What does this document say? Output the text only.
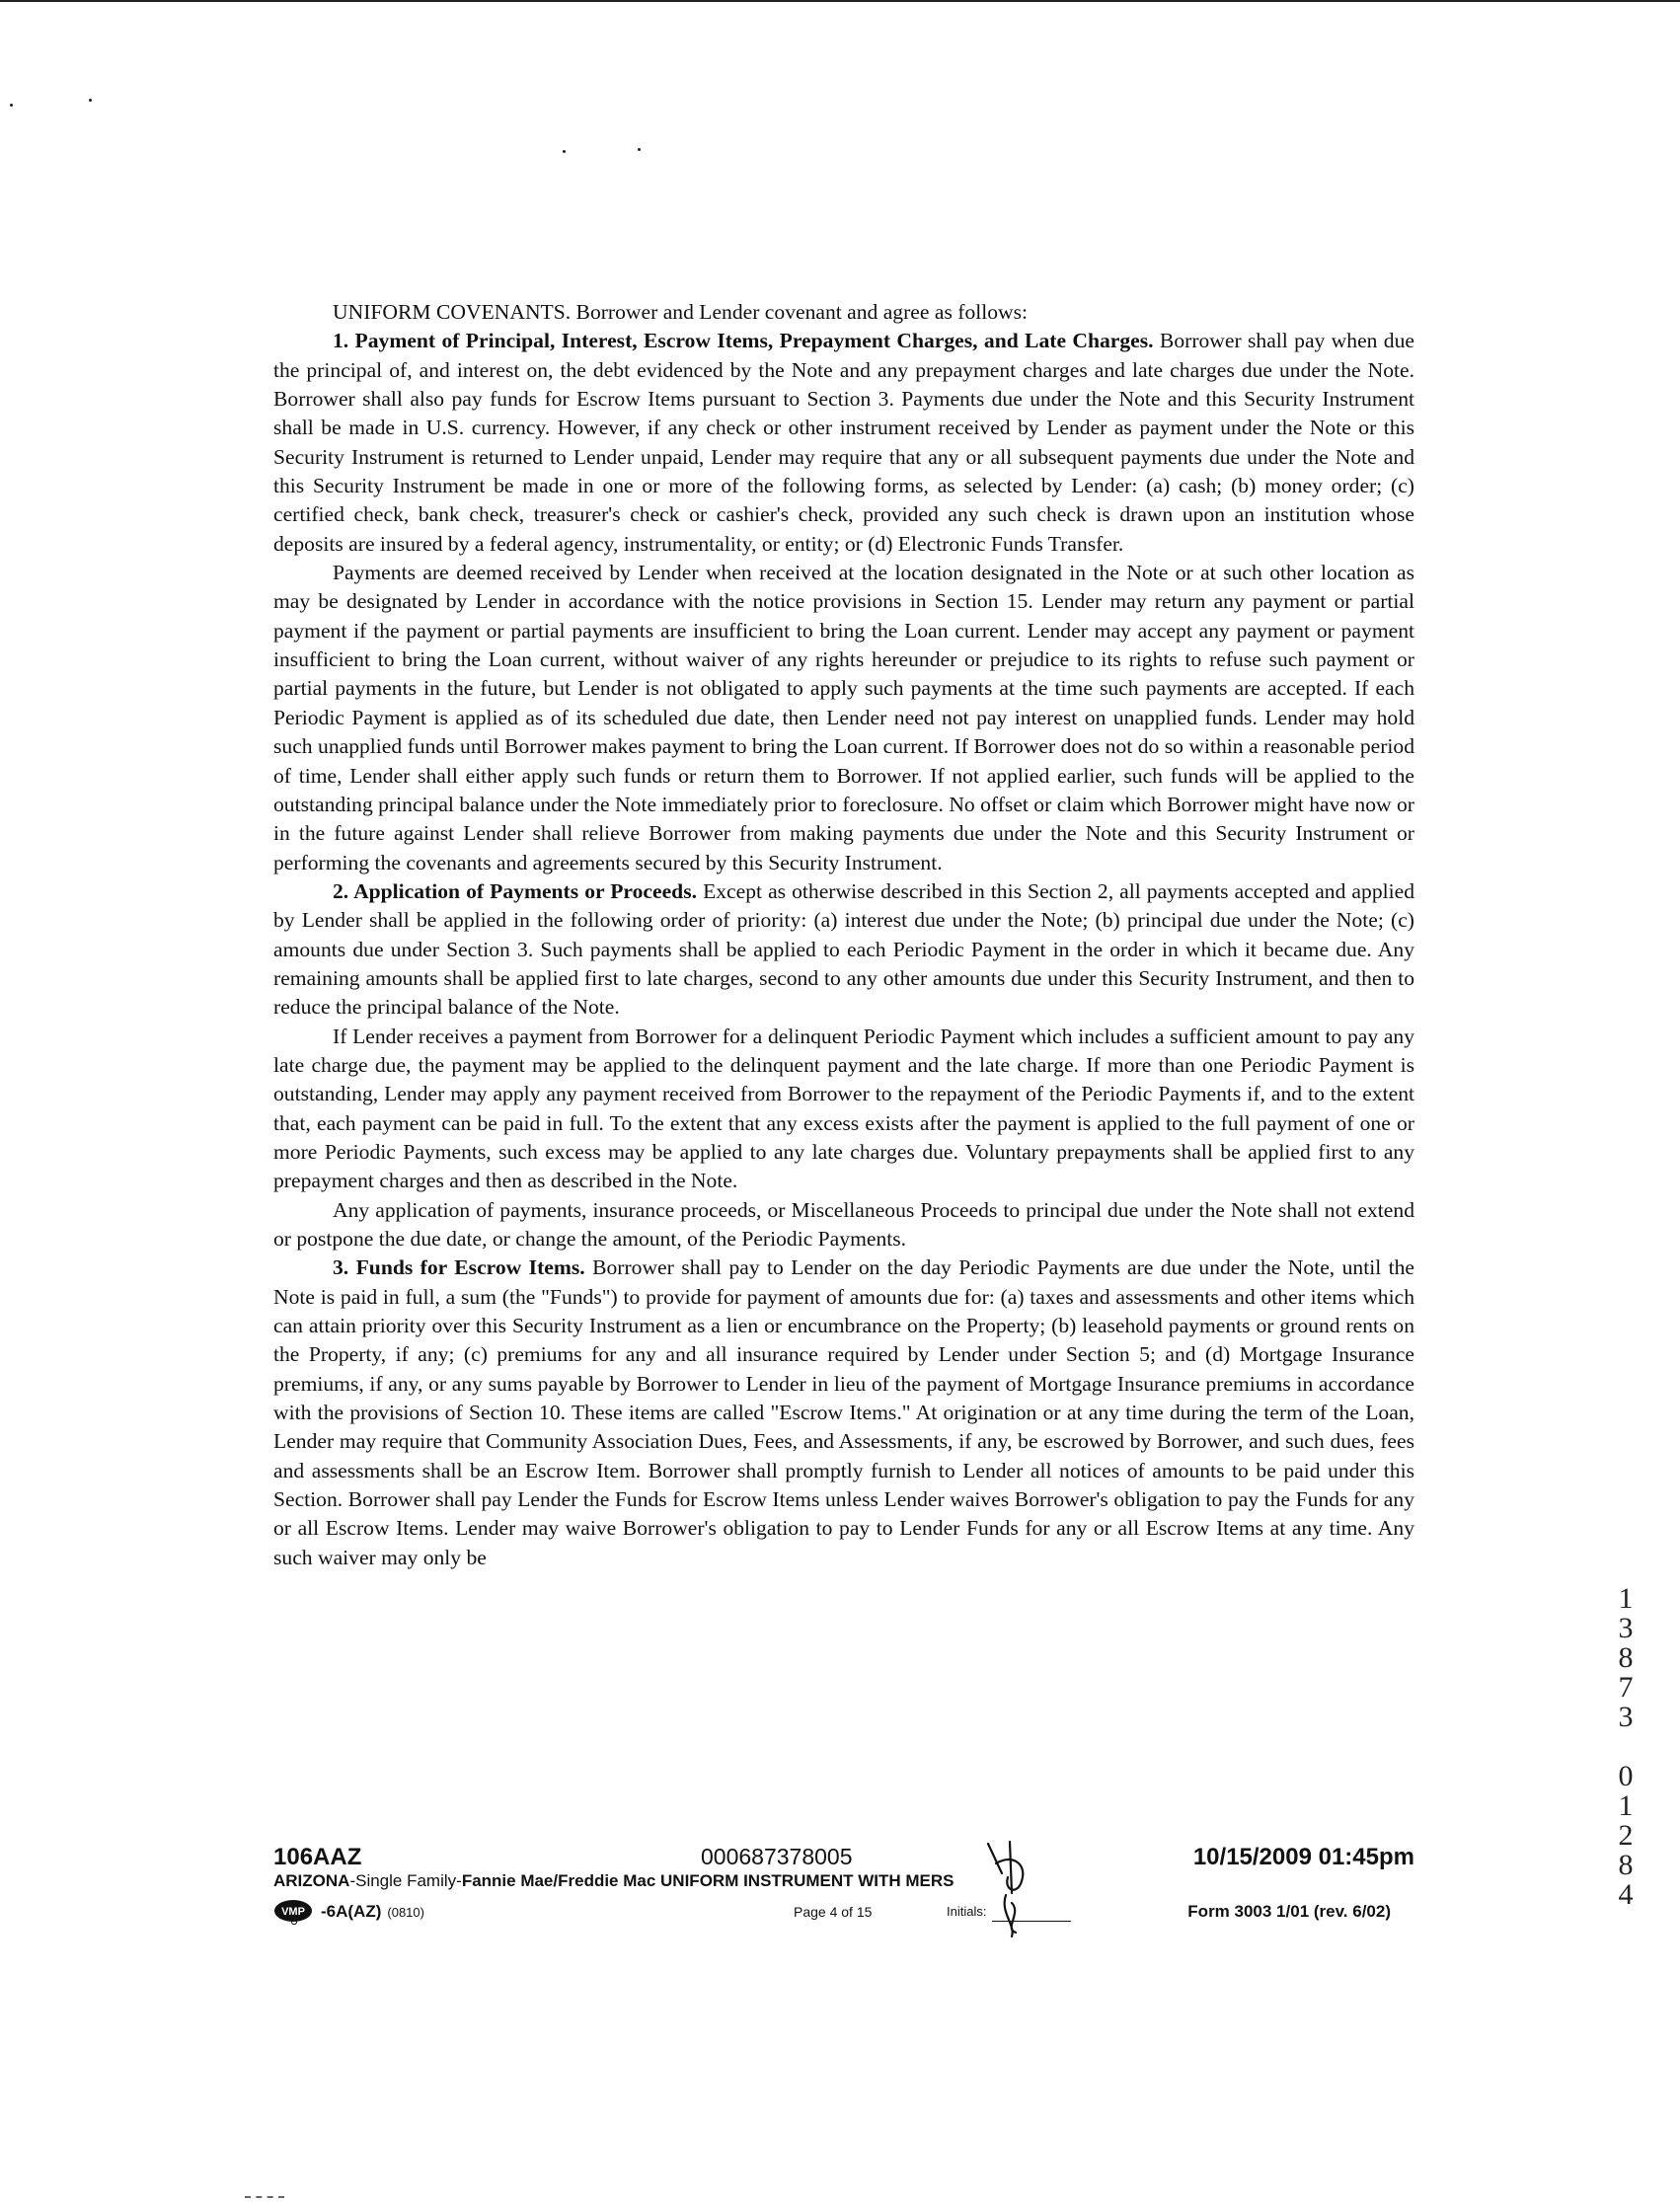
UNIFORM COVENANTS. Borrower and Lender covenant and agree as follows:

1. Payment of Principal, Interest, Escrow Items, Prepayment Charges, and Late Charges. Borrower shall pay when due the principal of, and interest on, the debt evidenced by the Note and any prepayment charges and late charges due under the Note. Borrower shall also pay funds for Escrow Items pursuant to Section 3. Payments due under the Note and this Security Instrument shall be made in U.S. currency. However, if any check or other instrument received by Lender as payment under the Note or this Security Instrument is returned to Lender unpaid, Lender may require that any or all subsequent payments due under the Note and this Security Instrument be made in one or more of the following forms, as selected by Lender: (a) cash; (b) money order; (c) certified check, bank check, treasurer's check or cashier's check, provided any such check is drawn upon an institution whose deposits are insured by a federal agency, instrumentality, or entity; or (d) Electronic Funds Transfer.

Payments are deemed received by Lender when received at the location designated in the Note or at such other location as may be designated by Lender in accordance with the notice provisions in Section 15. Lender may return any payment or partial payment if the payment or partial payments are insufficient to bring the Loan current. Lender may accept any payment or payment insufficient to bring the Loan current, without waiver of any rights hereunder or prejudice to its rights to refuse such payment or partial payments in the future, but Lender is not obligated to apply such payments at the time such payments are accepted. If each Periodic Payment is applied as of its scheduled due date, then Lender need not pay interest on unapplied funds. Lender may hold such unapplied funds until Borrower makes payment to bring the Loan current. If Borrower does not do so within a reasonable period of time, Lender shall either apply such funds or return them to Borrower. If not applied earlier, such funds will be applied to the outstanding principal balance under the Note immediately prior to foreclosure. No offset or claim which Borrower might have now or in the future against Lender shall relieve Borrower from making payments due under the Note and this Security Instrument or performing the covenants and agreements secured by this Security Instrument.

2. Application of Payments or Proceeds. Except as otherwise described in this Section 2, all payments accepted and applied by Lender shall be applied in the following order of priority: (a) interest due under the Note; (b) principal due under the Note; (c) amounts due under Section 3. Such payments shall be applied to each Periodic Payment in the order in which it became due. Any remaining amounts shall be applied first to late charges, second to any other amounts due under this Security Instrument, and then to reduce the principal balance of the Note.

If Lender receives a payment from Borrower for a delinquent Periodic Payment which includes a sufficient amount to pay any late charge due, the payment may be applied to the delinquent payment and the late charge. If more than one Periodic Payment is outstanding, Lender may apply any payment received from Borrower to the repayment of the Periodic Payments if, and to the extent that, each payment can be paid in full. To the extent that any excess exists after the payment is applied to the full payment of one or more Periodic Payments, such excess may be applied to any late charges due. Voluntary prepayments shall be applied first to any prepayment charges and then as described in the Note.

Any application of payments, insurance proceeds, or Miscellaneous Proceeds to principal due under the Note shall not extend or postpone the due date, or change the amount, of the Periodic Payments.

3. Funds for Escrow Items. Borrower shall pay to Lender on the day Periodic Payments are due under the Note, until the Note is paid in full, a sum (the "Funds") to provide for payment of amounts due for: (a) taxes and assessments and other items which can attain priority over this Security Instrument as a lien or encumbrance on the Property; (b) leasehold payments or ground rents on the Property, if any; (c) premiums for any and all insurance required by Lender under Section 5; and (d) Mortgage Insurance premiums, if any, or any sums payable by Borrower to Lender in lieu of the payment of Mortgage Insurance premiums in accordance with the provisions of Section 10. These items are called "Escrow Items." At origination or at any time during the term of the Loan, Lender may require that Community Association Dues, Fees, and Assessments, if any, be escrowed by Borrower, and such dues, fees and assessments shall be an Escrow Item. Borrower shall promptly furnish to Lender all notices of amounts to be paid under this Section. Borrower shall pay Lender the Funds for Escrow Items unless Lender waives Borrower's obligation to pay the Funds for any or all Escrow Items. Lender may waive Borrower's obligation to pay to Lender Funds for any or all Escrow Items at any time. Any such waiver may only be

106AAZ	000687378005	10/15/2009 01:45pm
ARIZONA-Single Family-Fannie Mae/Freddie Mac UNIFORM INSTRUMENT WITH MERS
VMP -6A(AZ) (0810)	Page 4 of 15	Initials:	Form 3003 1/01 (rev. 6/02)
1
3
8
7
3

0
1
2
8
4
